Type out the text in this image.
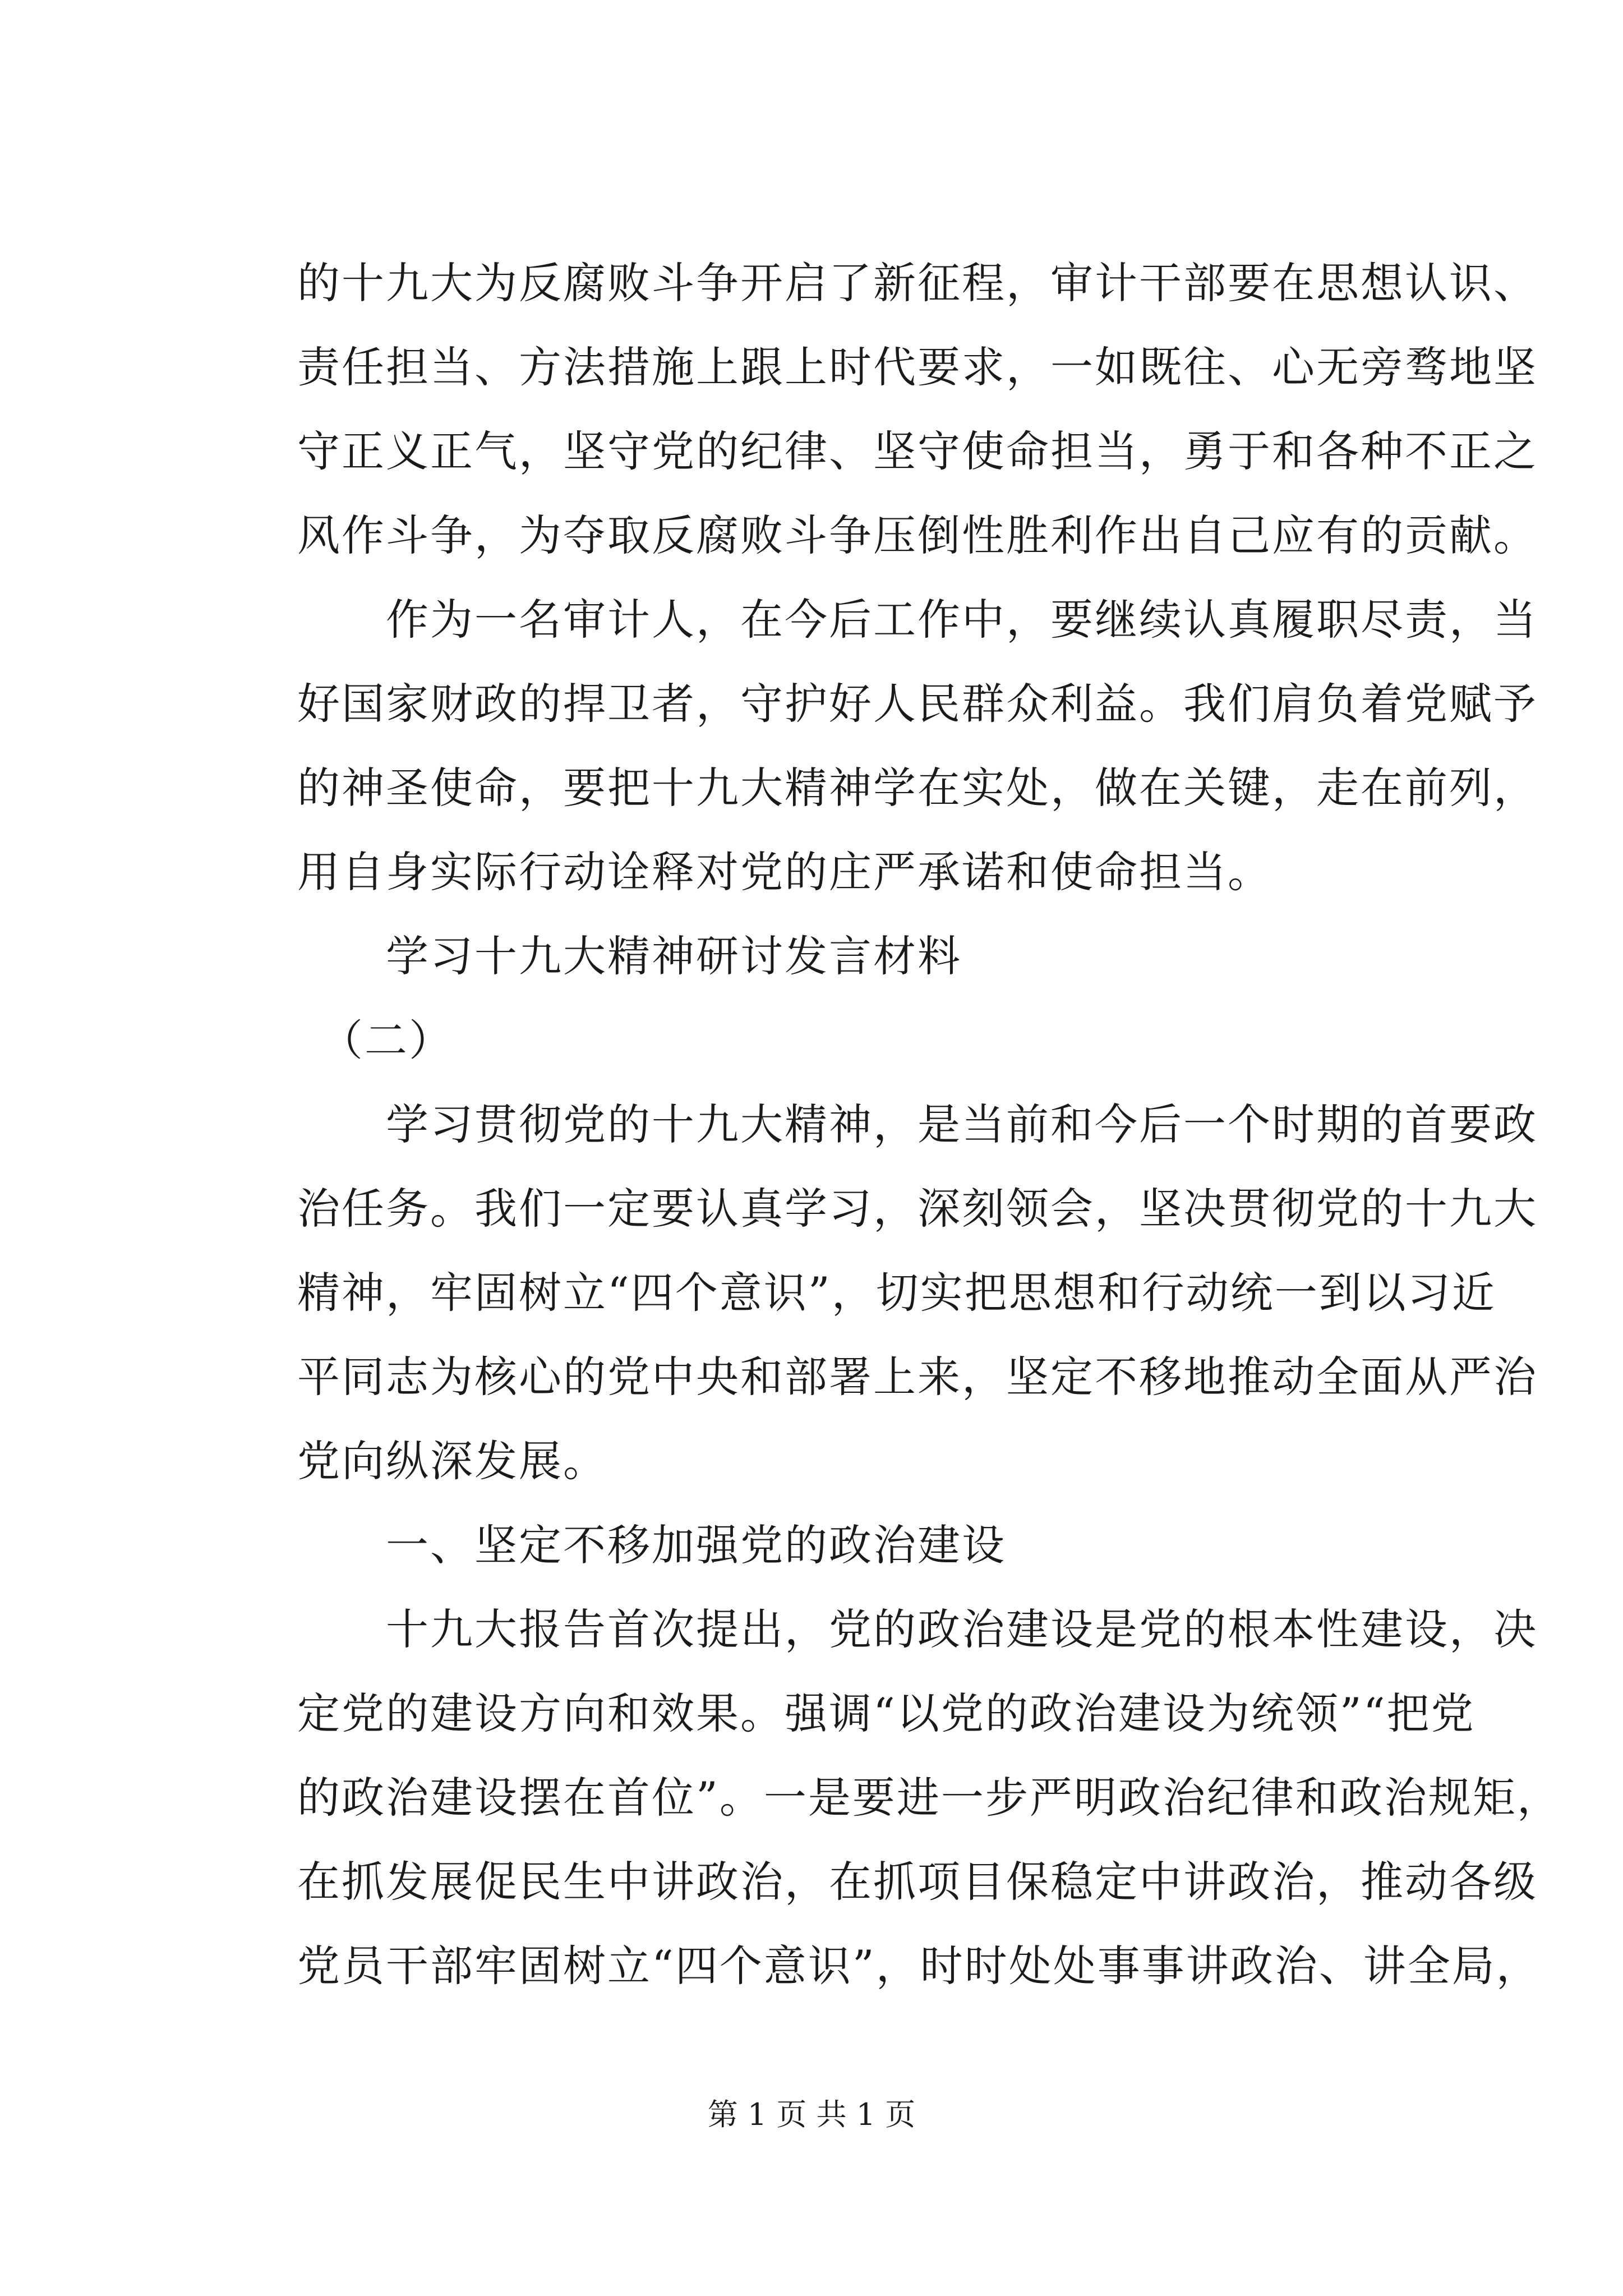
的十九大为反腐败斗争开启了新征程，审计干部要在思想认识、
责任担当、方法措施上跟上时代要求，一如既往、心无旁骛地坚
守正义正气，坚守党的纪律、坚守使命担当，勇于和各种不正之
风作斗争，为夺取反腐败斗争压倒性胜利作出自己应有的贡献。
　　作为一名审计人，在今后工作中，要继续认真履职尽责，当
好国家财政的捍卫者，守护好人民群众利益。我们肩负着党赋予
的神圣使命，要把十九大精神学在实处，做在关键，走在前列，
用自身实际行动诠释对党的庄严承诺和使命担当。
　　学习十九大精神研讨发言材料
　（二）
　　学习贯彻党的十九大精神，是当前和今后一个时期的首要政
治任务。我们一定要认真学习，深刻领会，坚决贯彻党的十九大
精神，牢固树立“四个意识”，切实把思想和行动统一到以习近
平同志为核心的党中央和部署上来，坚定不移地推动全面从严治
党向纵深发展。
　　一、坚定不移加强党的政治建设
　　十九大报告首次提出，党的政治建设是党的根本性建设，决
定党的建设方向和效果。强调“以党的政治建设为统领”“把党
的政治建设摆在首位”。一是要进一步严明政治纪律和政治规矩，
在抓发展促民生中讲政治，在抓项目保稳定中讲政治，推动各级
党员干部牢固树立“四个意识”，时时处处事事讲政治、讲全局，
第 1 页 共 1 页
